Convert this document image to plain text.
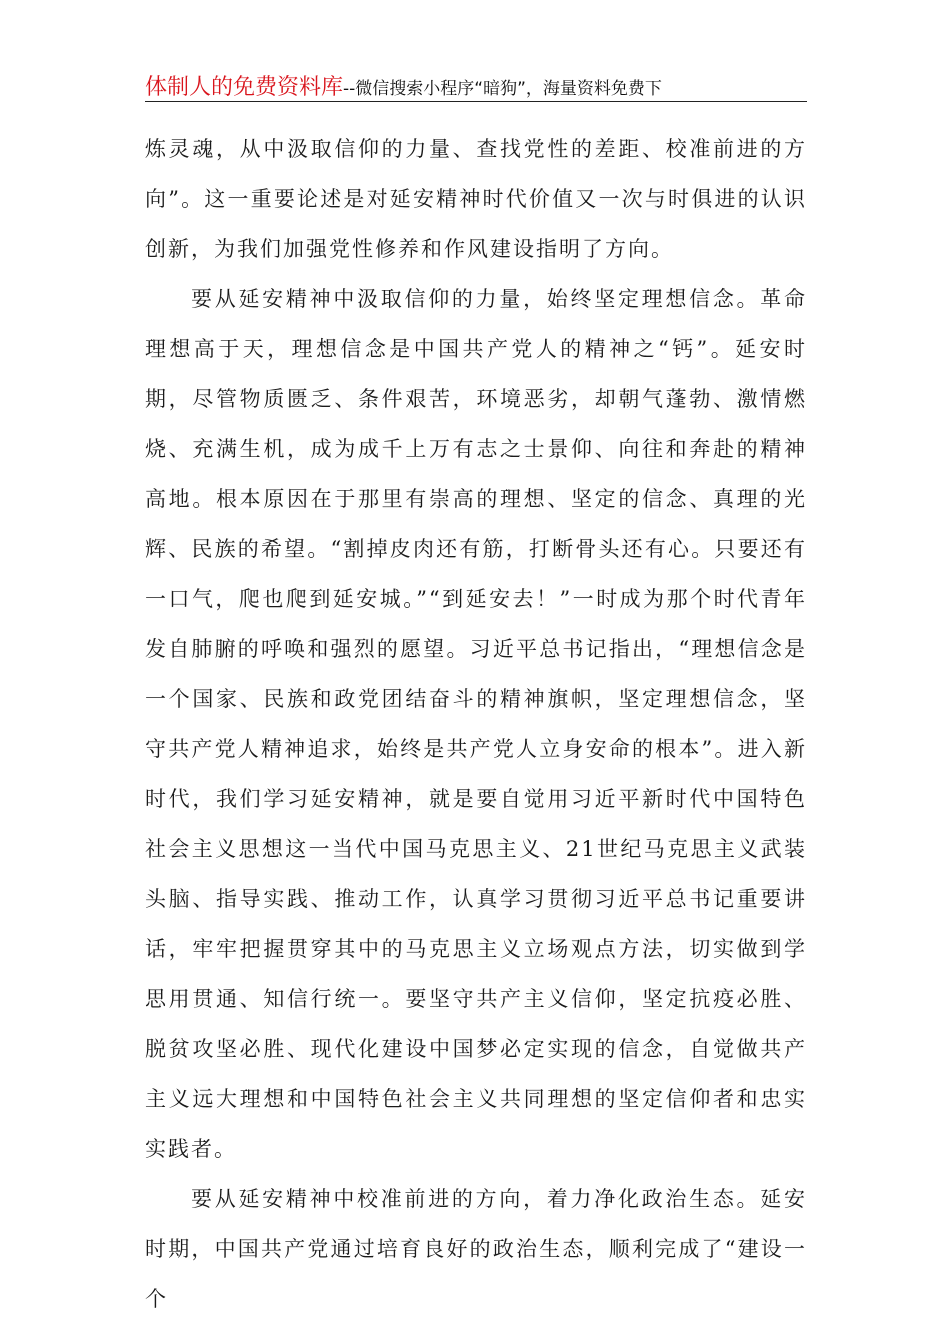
体制人的免费资料库--微信搜索小程序“暗狗”，海量资料免费下

炼灵魂，从中汲取信仰的力量、查找党性的差距、校准前进的方向”。这一重要论述是对延安精神时代价值又一次与时俱进的认识创新，为我们加强党性修养和作风建设指明了方向。

要从延安精神中汲取信仰的力量，始终坚定理想信念。革命理想高于天，理想信念是中国共产党人的精神之“钙”。延安时期，尽管物质匮乏、条件艰苦，环境恶劣，却朝气蓬勃、激情燃烧、充满生机，成为成千上万有志之士景仰、向往和奔赴的精神高地。根本原因在于那里有崇高的理想、坚定的信念、真理的光辉、民族的希望。“割掉皮肉还有筋，打断骨头还有心。只要还有一口气，爬也爬到延安城。”“到延安去！”一时成为那个时代青年发自肺腑的呼唤和强烈的愿望。习近平总书记指出，“理想信念是一个国家、民族和政党团结奋斗的精神旗帜，坚定理想信念，坚守共产党人精神追求，始终是共产党人立身安命的根本”。进入新时代，我们学习延安精神，就是要自觉用习近平新时代中国特色社会主义思想这一当代中国马克思主义、21世纪马克思主义武装头脑、指导实践、推动工作，认真学习贯彻习近平总书记重要讲话，牢牢把握贯穿其中的马克思主义立场观点方法，切实做到学思用贯通、知信行统一。要坚守共产主义信仰，坚定抗疫必胜、脱贫攻坚必胜、现代化建设中国梦必定实现的信念，自觉做共产主义远大理想和中国特色社会主义共同理想的坚定信仰者和忠实实践者。

要从延安精神中校准前进的方向，着力净化政治生态。延安时期，中国共产党通过培育良好的政治生态，顺利完成了“建设一个
